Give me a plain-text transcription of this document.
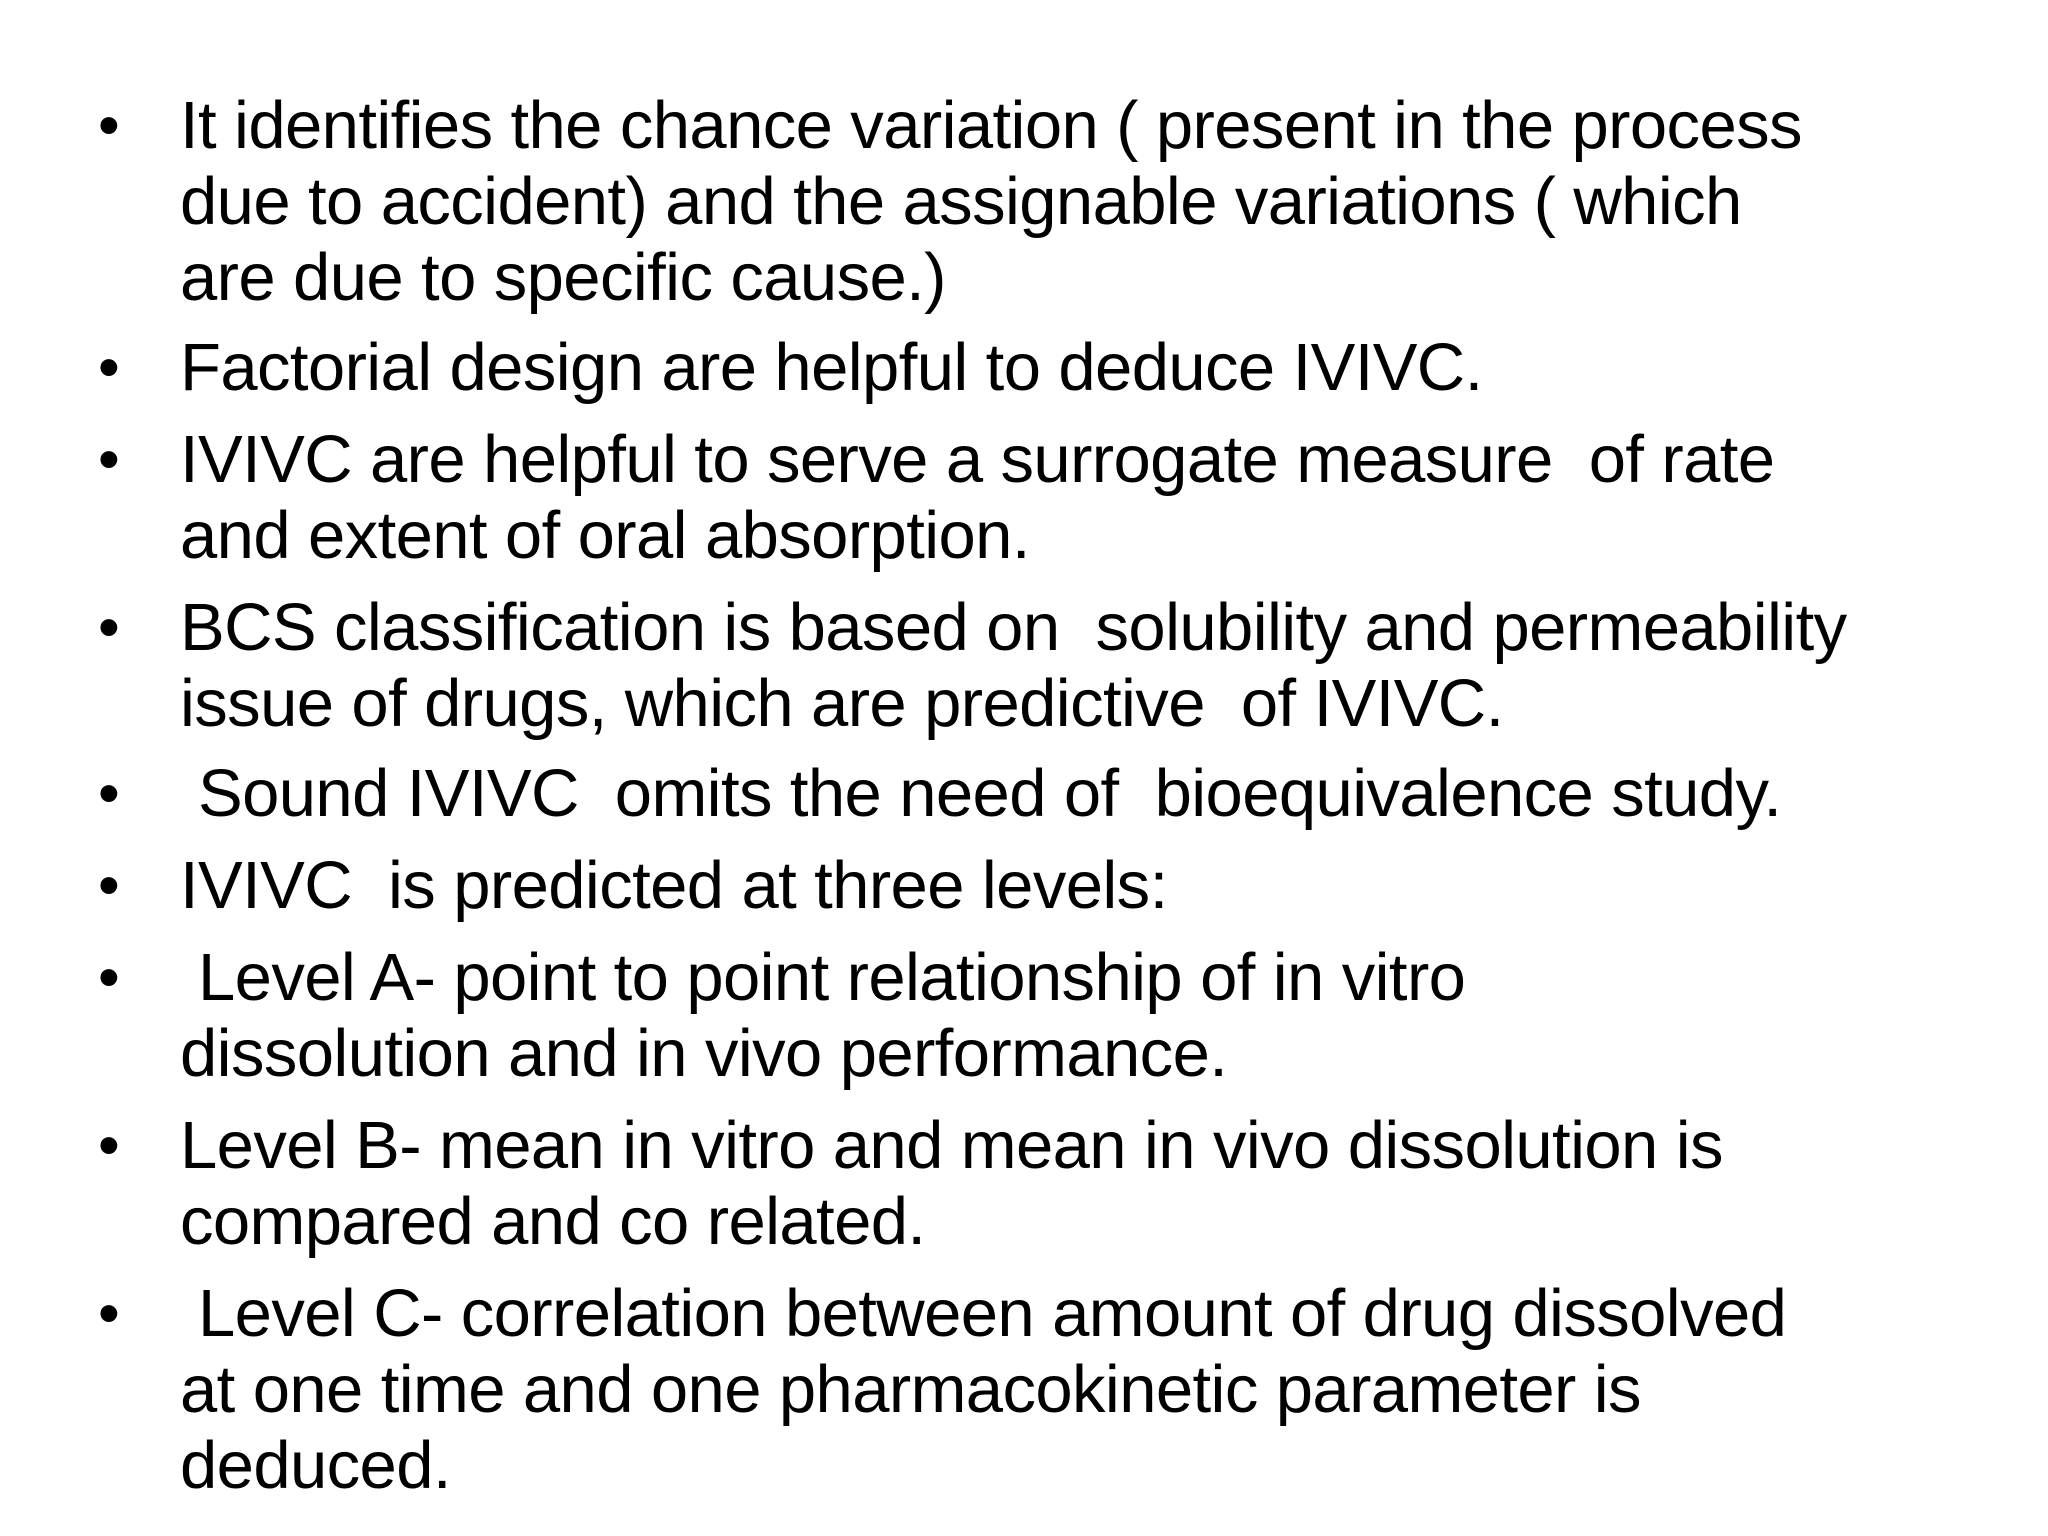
• It identifies the chance variation ( present in the process
due to accident) and the assignable variations ( which
are due to specific cause.)
• Factorial design are helpful to deduce IVIVC.
• IVIVC are helpful to serve a surrogate measure  of rate
and extent of oral absorption.
• BCS classification is based on  solubility and permeability
issue of drugs, which are predictive  of IVIVC.
• Sound IVIVC  omits the need of  bioequivalence study.
• IVIVC  is predicted at three levels:
• Level A- point to point relationship of in vitro
dissolution and in vivo performance.
• Level B- mean in vitro and mean in vivo dissolution is
compared and co related.
• Level C- correlation between amount of drug dissolved
at one time and one pharmacokinetic parameter is
deduced.
